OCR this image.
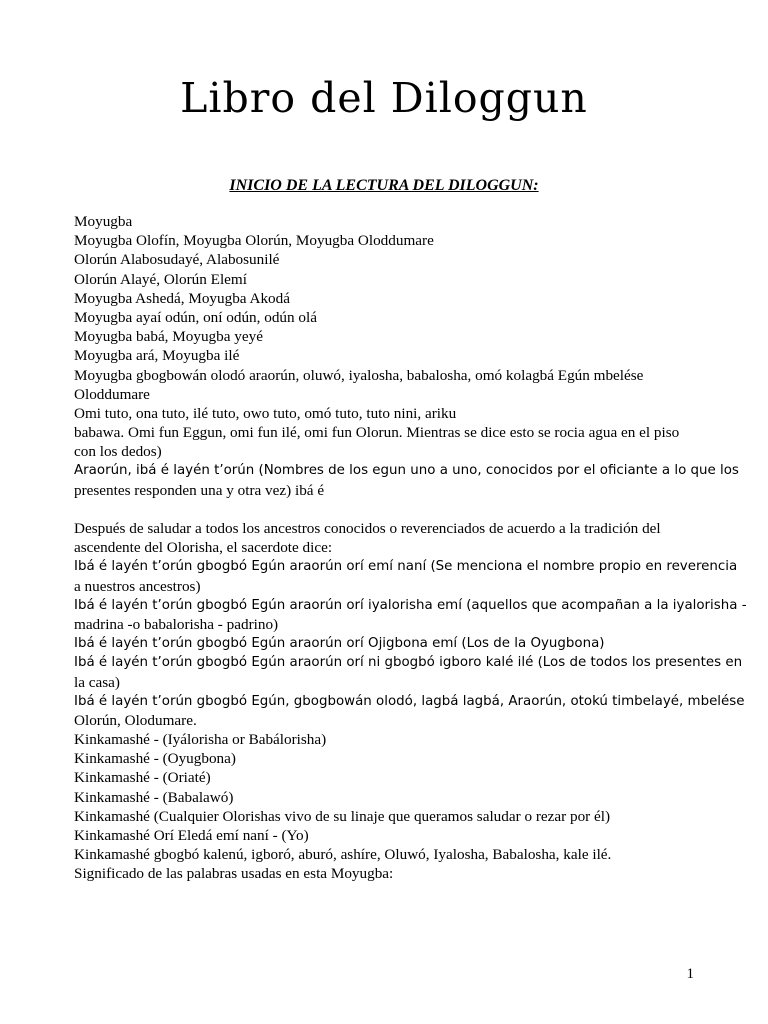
Libro del Diloggun
INICIO DE LA LECTURA DEL DILOGGUN:
Moyugba
Moyugba Olofín, Moyugba Olorún, Moyugba Oloddumare
Olorún Alabosudayé, Alabosunilé
Olorún Alayé, Olorún Elemí
Moyugba Ashedá, Moyugba Akodá
Moyugba ayaí odún, oní odún, odún olá
Moyugba babá, Moyugba yeyé
Moyugba ará, Moyugba ilé
Moyugba gbogbowán olodó araorún, oluwó, iyalosha, babalosha, omó kolagbá Egún mbelése
Oloddumare
Omi tuto, ona tuto, ilé tuto, owo tuto, omó tuto, tuto nini, ariku
babawa. Omi fun Eggun, omi fun ilé, omi fun Olorun. Mientras se dice esto se rocia agua en el piso
con los dedos)
Araorún, ibá é layén t’orún (Nombres de los egun uno a uno, conocidos por el oficiante a lo que los
presentes responden una y otra vez) ibá é
Después de saludar a todos los ancestros conocidos o reverenciados de acuerdo a la tradición del
ascendente del Olorisha, el sacerdote dice:
Ibá é layén t’orún gbogbó Egún araorún orí emí naní (Se menciona el nombre propio en reverencia
a nuestros ancestros)
Ibá é layén t’orún gbogbó Egún araorún orí iyalorisha emí (aquellos que acompañan a la iyalorisha -
madrina -o babalorisha - padrino)
Ibá é layén t’orún gbogbó Egún araorún orí Ojigbona emí (Los de la Oyugbona)
Ibá é layén t’orún gbogbó Egún araorún orí ni gbogbó igboro kalé ilé (Los de todos los presentes en
la casa)
Ibá é layén t’orún gbogbó Egún, gbogbowán olodó, lagbá lagbá, Araorún, otokú timbelayé, mbelése
Olorún, Olodumare.
Kinkamashé - (Iyálorisha or Babálorisha)
Kinkamashé - (Oyugbona)
Kinkamashé - (Oriaté)
Kinkamashé - (Babalawó)
Kinkamashé (Cualquier Olorishas vivo de su linaje que queramos saludar o rezar por él)
Kinkamashé Orí Eledá emí naní - (Yo)
Kinkamashé gbogbó kalenú, igboró, aburó, ashíre, Oluwó, Iyalosha, Babalosha, kale ilé.
Significado de las palabras usadas en esta Moyugba:
1
